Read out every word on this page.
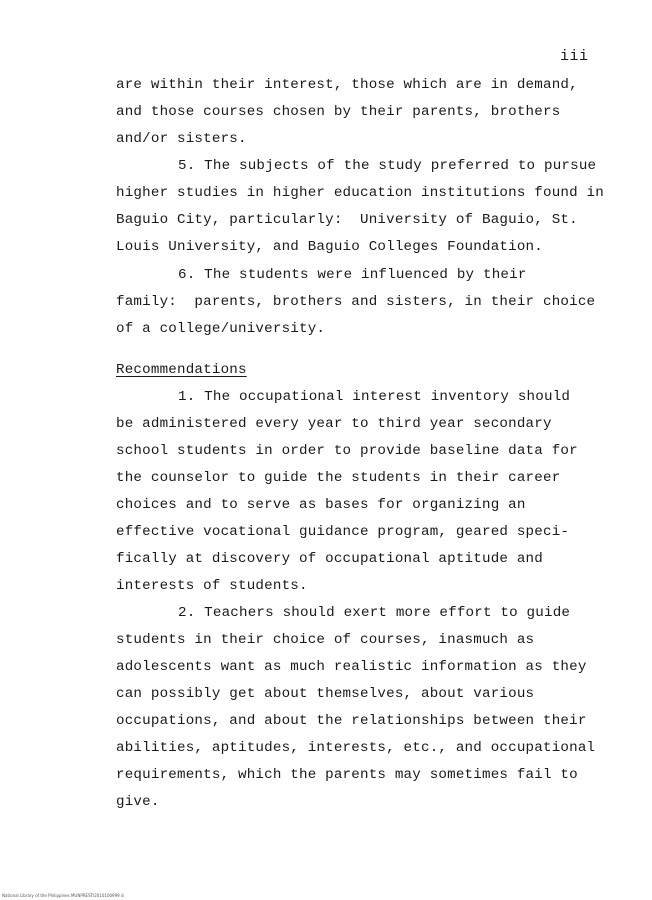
iii
are within their interest, those which are in demand,
and those courses chosen by their parents, brothers
and/or sisters.
5. The subjects of the study preferred to pursue
higher studies in higher education institutions found in
Baguio City, particularly:  University of Baguio, St.
Louis University, and Baguio Colleges Foundation.
6. The students were influenced by their
family:  parents, brothers and sisters, in their choice
of a college/university.
Recommendations
1. The occupational interest inventory should
be administered every year to third year secondary
school students in order to provide baseline data for
the counselor to guide the students in their career
choices and to serve as bases for organizing an
effective vocational guidance program, geared speci-
fically at discovery of occupational aptitude and
interests of students.
2. Teachers should exert more effort to guide
students in their choice of courses, inasmuch as
adolescents want as much realistic information as they
can possibly get about themselves, about various
occupations, and about the relationships between their
abilities, aptitudes, interests, etc., and occupational
requirements, which the parents may sometimes fail to
give.
National Library of the Philippines MUNPRESTI2010100999 iii
